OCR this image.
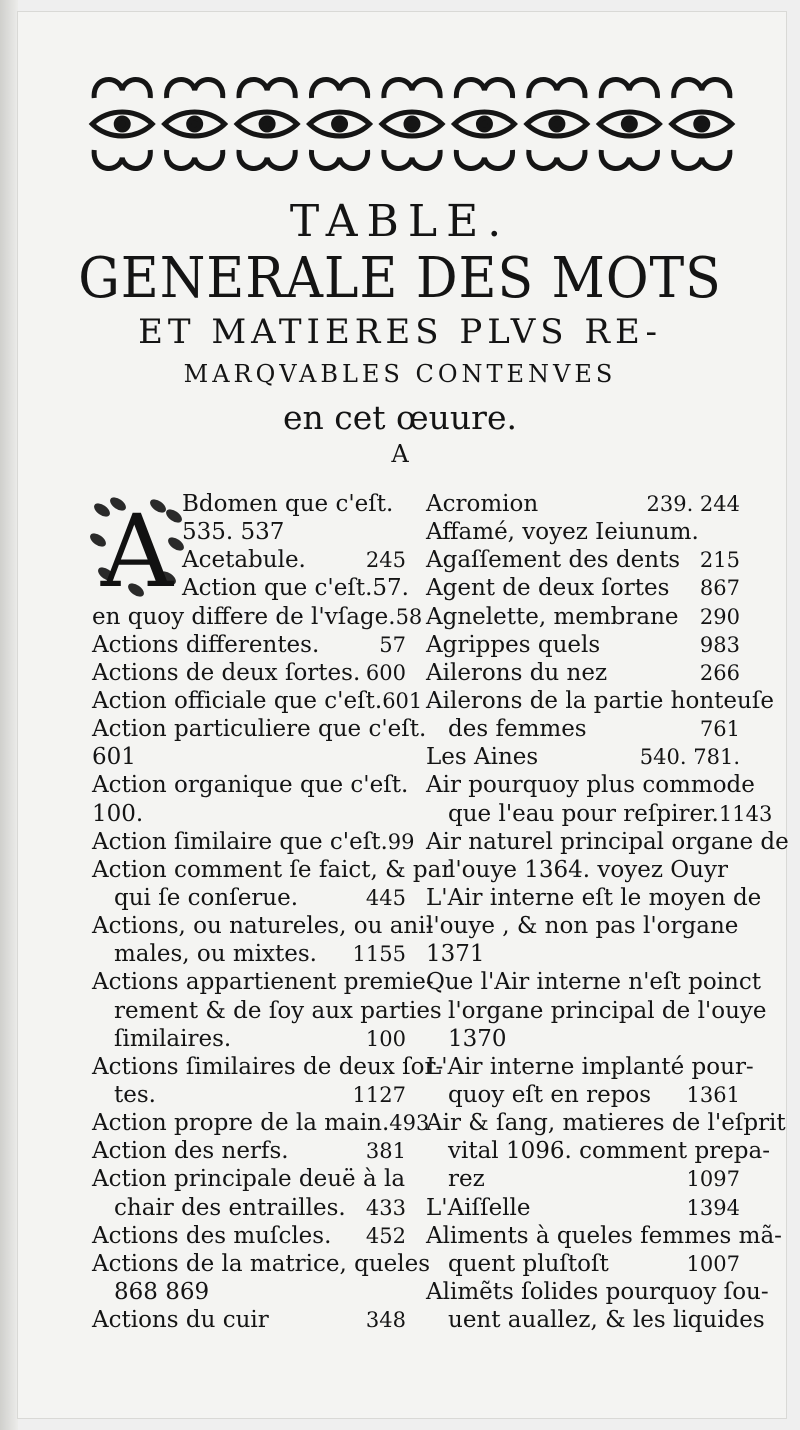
TABLE.
GENERALE DES MOTS
ET MATIERES PLVS RE-
MARQVABLES CONTENVES
en cet œuure.
A
A Bdomen que c'eſt.
535. 537
Acetabule.	245
Action que c'eſt.57.
en quoy differe de l'vſage. 58
Actions differentes.	57
Actions de deux ſortes. 600
Action officiale que c'eſt. 601
Action particuliere que c'eſt.
601
Action organique que c'eſt.
100.
Action ſimilaire que c'eſt. 99
Action comment ſe faict, & par
qui ſe conſerue.	445
Actions, ou natureles, ou ani-
males, ou mixtes. 1155
Actions appartienent premie-
rement & de ſoy aux parties
ſimilaires.	100
Actions ſimilaires de deux ſor-
tes.	1127
Action propre de la main. 493
Action des nerfs.	381
Action principale deuë à la
chair des entrailles. 433
Actions des muſcles. 452
Actions de la matrice, queles
868 869
Actions du cuir	348
Acromion	239. 244
Affamé, voyez Ieiunum.
Agaſſement des dents 215
Agent de deux ſortes 867
Agnelette, membrane 290
Agrippes quels	983
Ailerons du nez	266
Ailerons de la partie honteuſe
des femmes	761
Les Aines	540. 781.
Air pourquoy plus commode
que l'eau pour reſpirer. 1143
Air naturel principal organe de
l'ouye 1364. voyez Ouyr
L'Air interne eſt le moyen de
l'ouye , & non pas l'organe
1371
Que l'Air interne n'eſt poinct
l'organe principal de l'ouye
1370
L'Air interne implanté pour-
quoy eſt en repos 1361
Air & ſang, matieres de l'eſprit
vital 1096. comment prepa-
rez	1097
L'Aiſſelle	1394
Aliments à queles femmes mã-
quent pluſtoſt	1007
Alimẽts ſolides pourquoy ſou-
uent auallez, & les liquides
